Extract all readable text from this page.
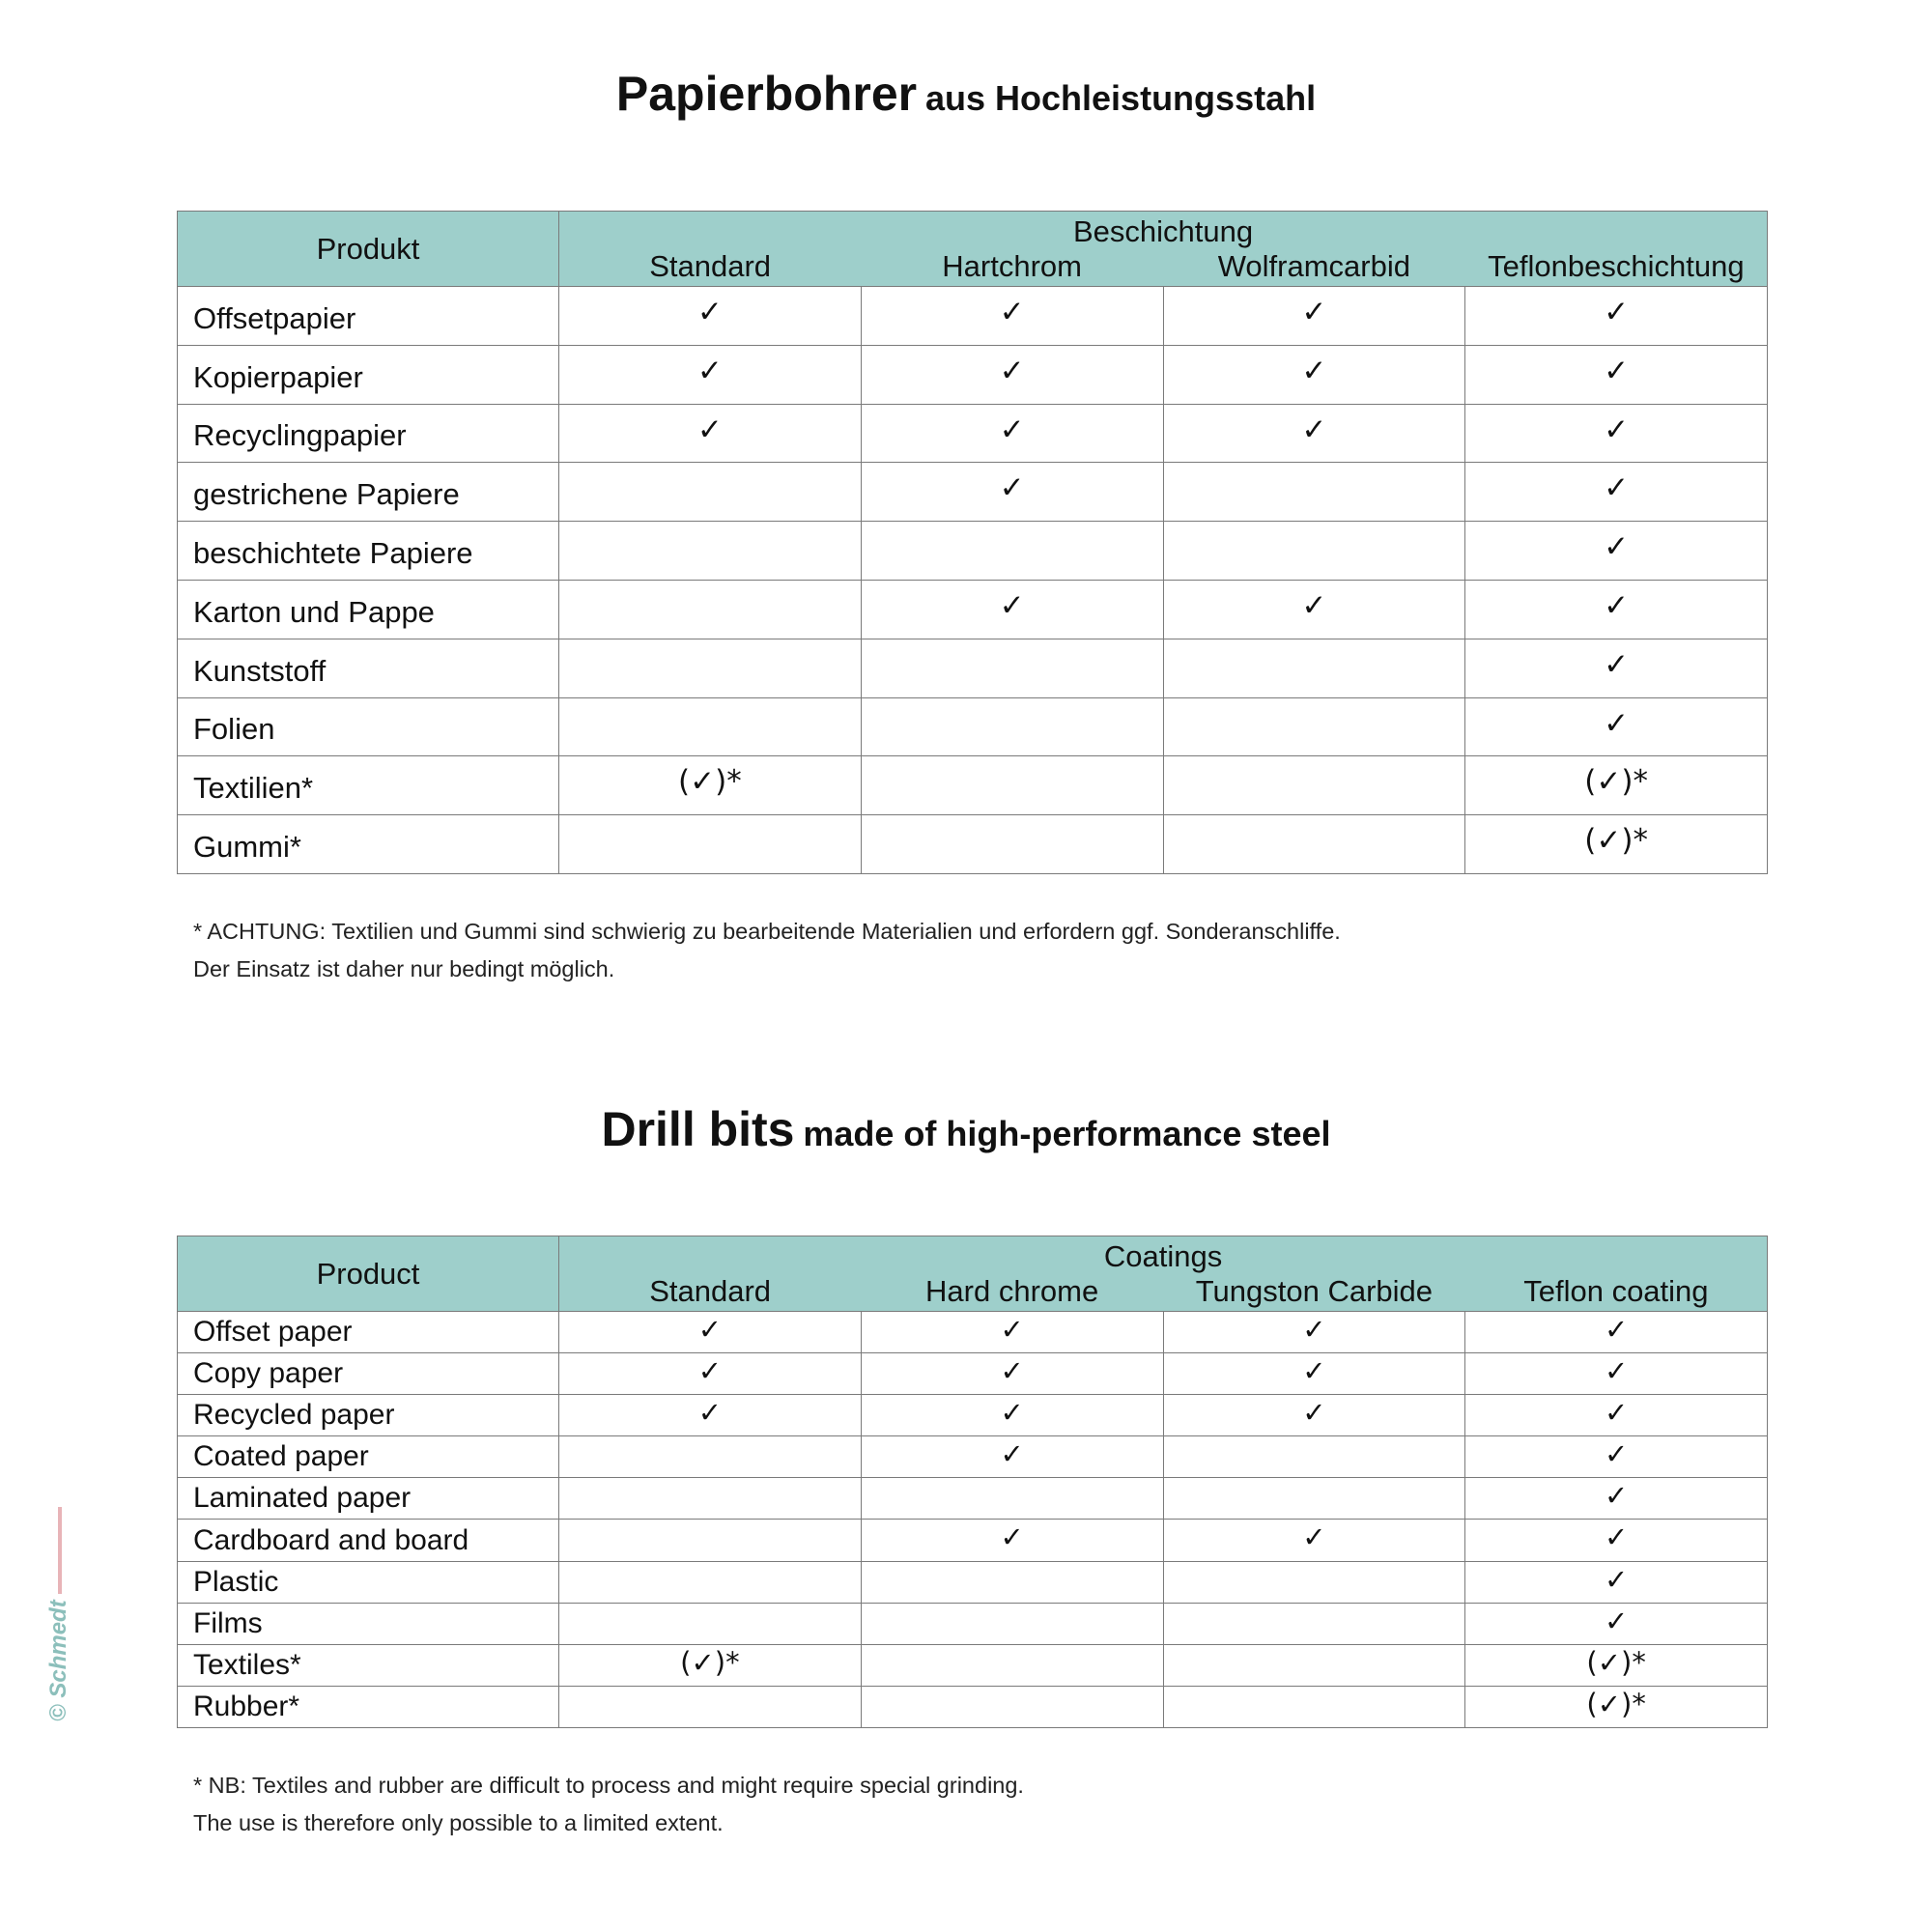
Papierbohrer aus Hochleistungsstahl
Produkt	Beschichtung			
	Standard	Hartchrom	Wolframcarbid	Teflonbeschichtung
Offsetpapier	✓	✓	✓	✓
Kopierpapier	✓	✓	✓	✓
Recyclingpapier	✓	✓	✓	✓
gestrichene Papiere		✓		✓
beschichtete Papiere				✓
Karton und Pappe		✓	✓	✓
Kunststoff				✓
Folien				✓
Textilien*	(✓)*			(✓)*
Gummi*				(✓)*

* ACHTUNG: Textilien und Gummi sind schwierig zu bearbeitende Materialien und erfordern ggf. Sonderanschliffe.
Der Einsatz ist daher nur bedingt möglich.

Drill bits made of high-performance steel
Product	Coatings			
	Standard	Hard chrome	Tungston Carbide	Teflon coating
Offset paper	✓	✓	✓	✓
Copy paper	✓	✓	✓	✓
Recycled paper	✓	✓	✓	✓
Coated paper		✓		✓
Laminated paper				✓
Cardboard and board		✓	✓	✓
Plastic				✓
Films				✓
Textiles*	(✓)*			(✓)*
Rubber*				(✓)*

* NB: Textiles and rubber are difficult to process and might require special grinding.
The use is therefore only possible to a limited extent.

© Schmedt
